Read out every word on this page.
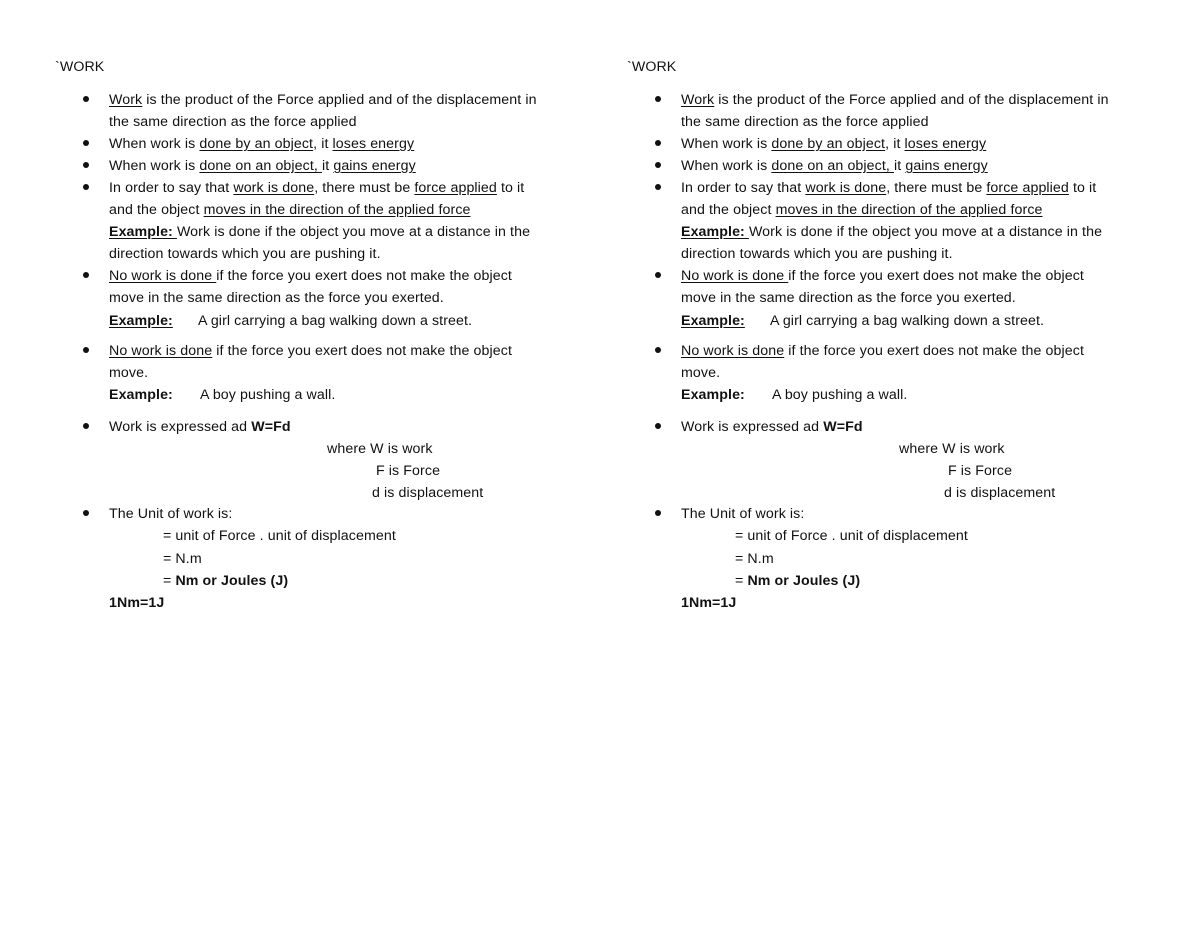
`WORK
Work is the product of the Force applied and of the displacement in
the same direction as the force applied
When work is done by an object, it loses energy
When work is done on an object, it gains energy
In order to say that work is done, there must be force applied to it
and the object moves in the direction of the applied force
Example: Work is done if the object you move at a distance in the
direction towards which you are pushing it.
No work is done if the force you exert does not make the object
move in the same direction as the force you exerted.
Example: A girl carrying a bag walking down a street.
No work is done if the force you exert does not make the object
move.
Example: A boy pushing a wall.
Work is expressed ad W=Fd
where W is work
F is Force
d is displacement
The Unit of work is:
= unit of Force . unit of displacement
= N.m
= Nm or Joules (J)
1Nm=1J
`WORK
Work is the product of the Force applied and of the displacement in
the same direction as the force applied
When work is done by an object, it loses energy
When work is done on an object, it gains energy
In order to say that work is done, there must be force applied to it
and the object moves in the direction of the applied force
Example: Work is done if the object you move at a distance in the
direction towards which you are pushing it.
No work is done if the force you exert does not make the object
move in the same direction as the force you exerted.
Example: A girl carrying a bag walking down a street.
No work is done if the force you exert does not make the object
move.
Example: A boy pushing a wall.
Work is expressed ad W=Fd
where W is work
F is Force
d is displacement
The Unit of work is:
= unit of Force . unit of displacement
= N.m
= Nm or Joules (J)
1Nm=1J
